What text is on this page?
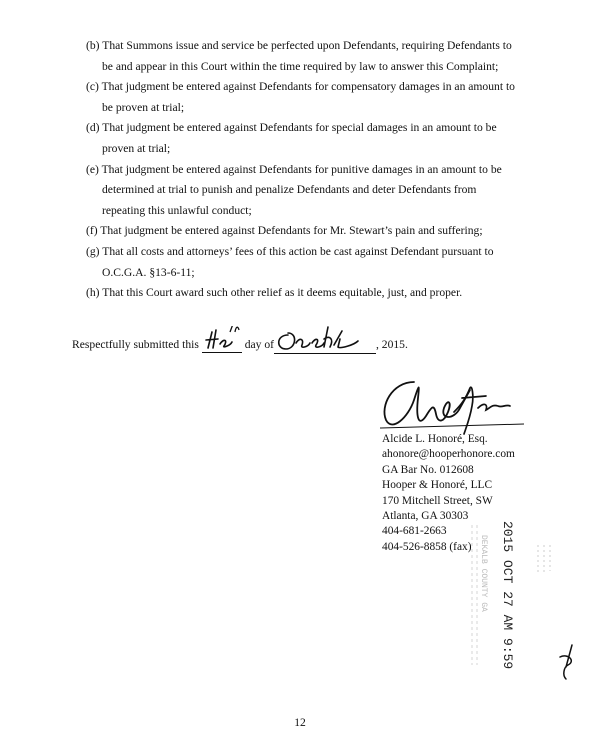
(b) That Summons issue and service be perfected upon Defendants, requiring Defendants to
be and appear in this Court within the time required by law to answer this Complaint;
(c) That judgment be entered against Defendants for compensatory damages in an amount to
be proven at trial;
(d) That judgment be entered against Defendants for special damages in an amount to be
proven at trial;
(e) That judgment be entered against Defendants for punitive damages in an amount to be
determined at trial to punish and penalize Defendants and deter Defendants from
repeating this unlawful conduct;
(f) That judgment be entered against Defendants for Mr. Stewart’s pain and suffering;
(g) That all costs and attorneys’ fees of this action be cast against Defendant pursuant to
O.C.G.A. §13-6-11;
(h) That this Court award such other relief as it deems equitable, just, and proper.
Respectfully submitted this	day of	, 2015.
Alcide L. Honoré, Esq.
ahonore@hooperhonore.com
GA Bar No. 012608
Hooper & Honoré, LLC
170 Mitchell Street, SW
Atlanta, GA 30303
404-681-2663
404-526-8858 (fax)	2015 OCT 27 AM 9:59
DEKALB COUNTY GA
12
